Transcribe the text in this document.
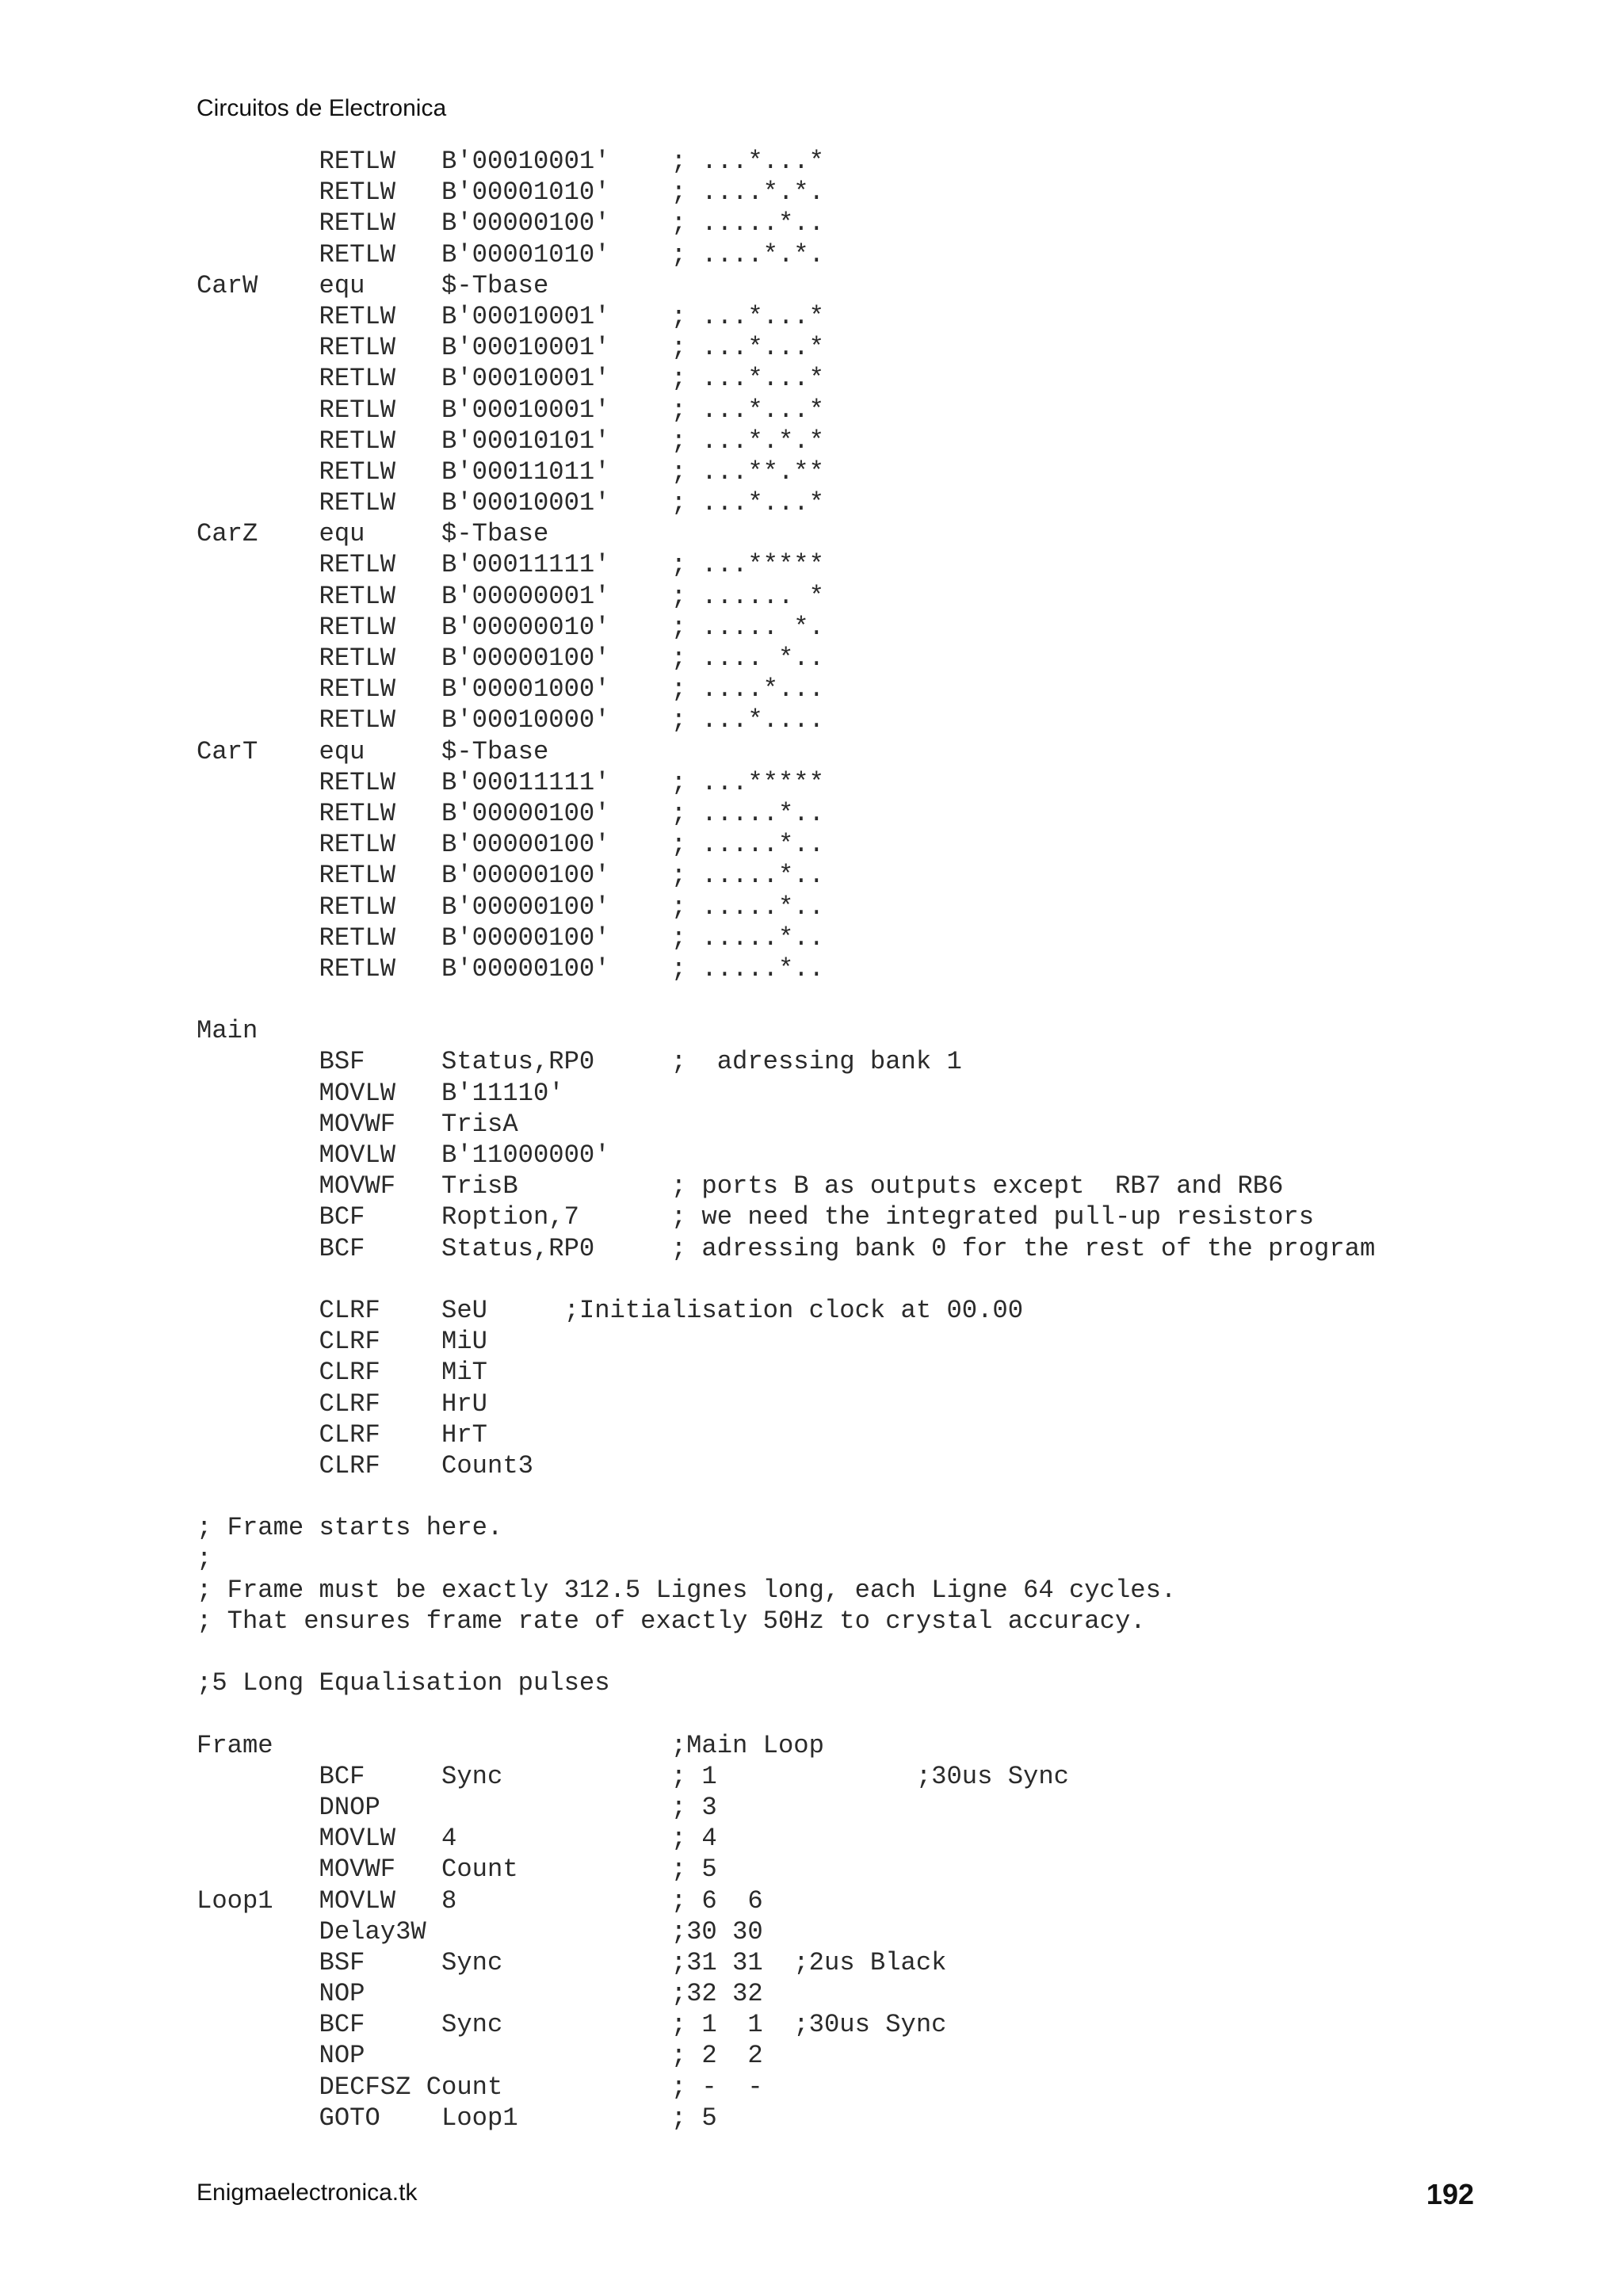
Circuitos de Electronica
RETLW   B'00010001'    ; ...*...*
RETLW   B'00001010'    ; ....*.*.
RETLW   B'00000100'    ; .....*..
RETLW   B'00001010'    ; ....*.*.
CarW    equ     $-Tbase
RETLW   B'00010001'    ; ...*...*
RETLW   B'00010001'    ; ...*...*
RETLW   B'00010001'    ; ...*...*
RETLW   B'00010001'    ; ...*...*
RETLW   B'00010101'    ; ...*.*.*
RETLW   B'00011011'    ; ...**.**
RETLW   B'00010001'    ; ...*...*
CarZ    equ     $-Tbase
RETLW   B'00011111'    ; ...*****
RETLW   B'00000001'    ; ...... *
RETLW   B'00000010'    ; ..... *.
RETLW   B'00000100'    ; .... *..
RETLW   B'00001000'    ; ....*...
RETLW   B'00010000'    ; ...*....
CarT    equ     $-Tbase
RETLW   B'00011111'    ; ...*****
RETLW   B'00000100'    ; .....*..
RETLW   B'00000100'    ; .....*..
RETLW   B'00000100'    ; .....*..
RETLW   B'00000100'    ; .....*..
RETLW   B'00000100'    ; .....*..
RETLW   B'00000100'    ; .....*..
Main
BSF     Status,RP0     ;  adressing bank 1
MOVLW   B'11110'
MOVWF   TrisA
MOVLW   B'11000000'
MOVWF   TrisB          ; ports B as outputs except  RB7 and RB6
BCF     Roption,7      ; we need the integrated pull-up resistors
BCF     Status,RP0     ; adressing bank 0 for the rest of the program
CLRF    SeU     ;Initialisation clock at 00.00
CLRF    MiU
CLRF    MiT
CLRF    HrU
CLRF    HrT
CLRF    Count3
; Frame starts here.
;
; Frame must be exactly 312.5 Lignes long, each Ligne 64 cycles.
; That ensures frame rate of exactly 50Hz to crystal accuracy.
;5 Long Equalisation pulses
Frame                          ;Main Loop
BCF     Sync           ; 1             ;30us Sync
DNOP                   ; 3
MOVLW   4              ; 4
MOVWF   Count          ; 5
Loop1   MOVLW   8              ; 6  6
Delay3W                ;30 30
BSF     Sync           ;31 31  ;2us Black
NOP                    ;32 32
BCF     Sync           ; 1  1  ;30us Sync
NOP                    ; 2  2
DECFSZ Count           ; -  -
GOTO    Loop1          ; 5
Enigmaelectronica.tk	192
